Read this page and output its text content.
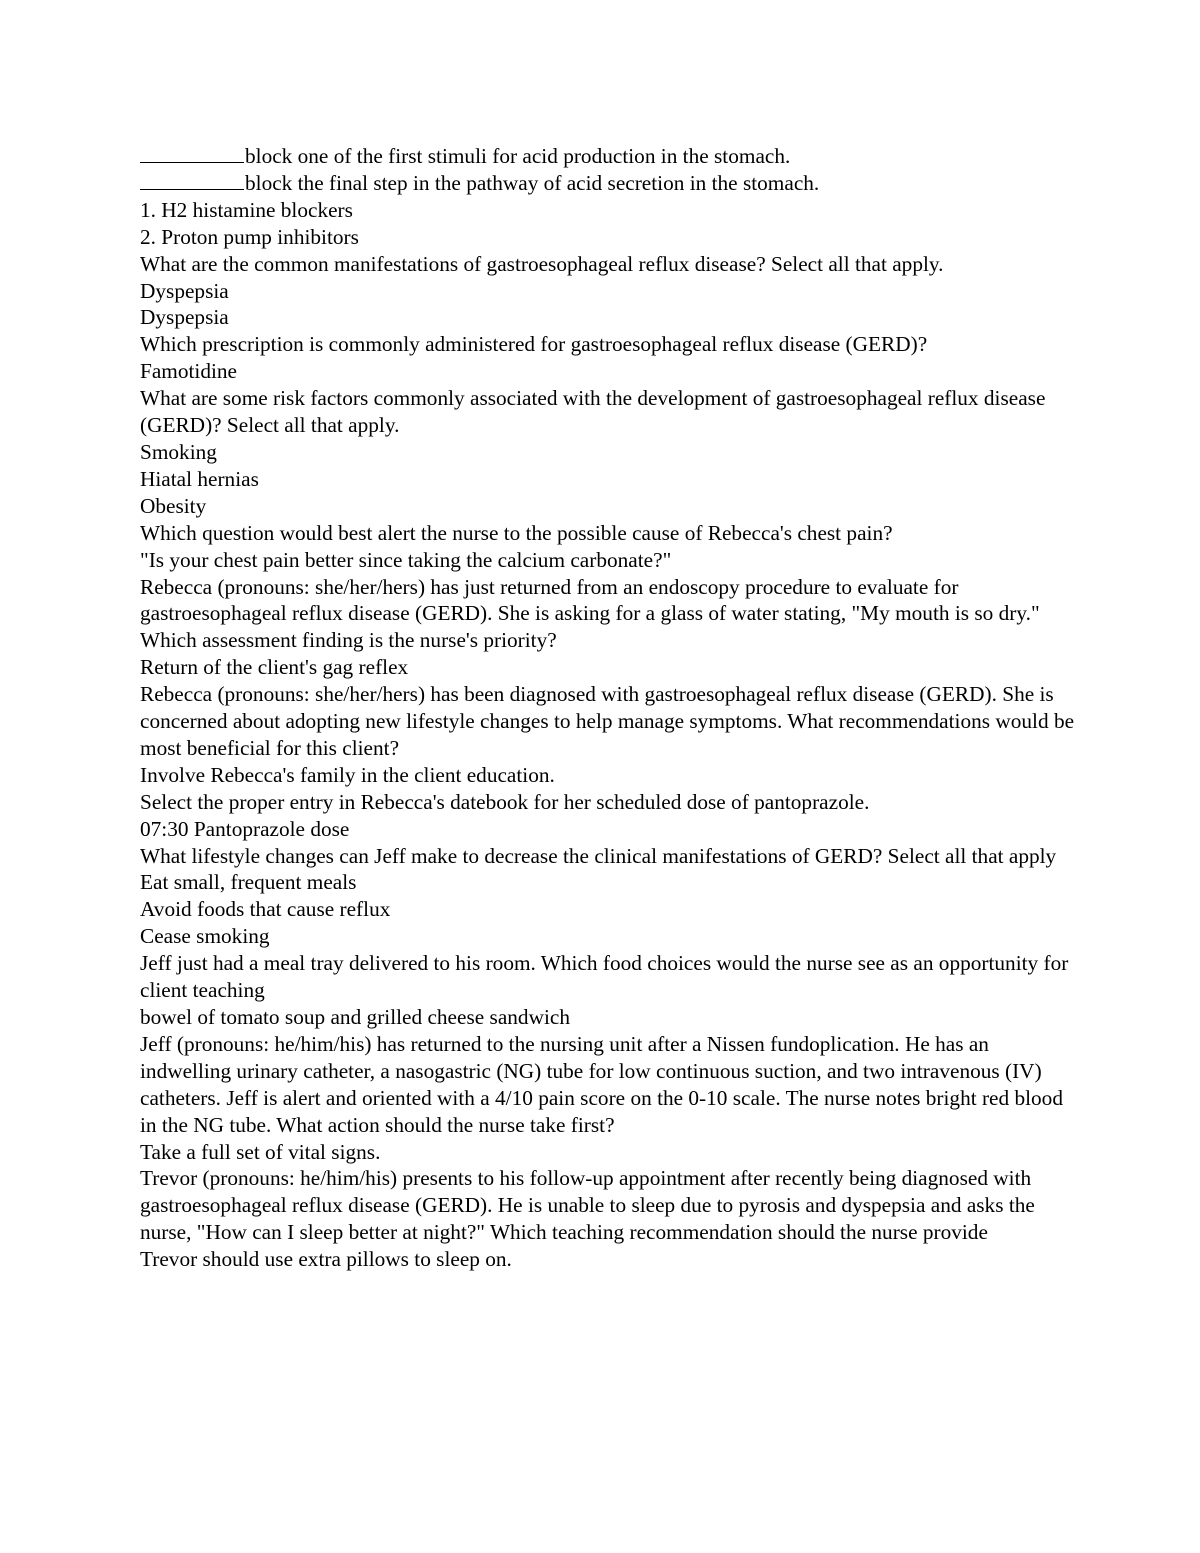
block one of the first stimuli for acid production in the stomach.

block the final step in the pathway of acid secretion in the stomach.

1. H2 histamine blockers

2. Proton pump inhibitors

What are the common manifestations of gastroesophageal reflux disease? Select all that apply.

Dyspepsia

Dyspepsia

Which prescription is commonly administered for gastroesophageal reflux disease (GERD)?

Famotidine

What are some risk factors commonly associated with the development of gastroesophageal reflux disease (GERD)? Select all that apply.

Smoking

Hiatal hernias

Obesity

Which question would best alert the nurse to the possible cause of Rebecca's chest pain?

"Is your chest pain better since taking the calcium carbonate?"

Rebecca (pronouns: she/her/hers) has just returned from an endoscopy procedure to evaluate for gastroesophageal reflux disease (GERD). She is asking for a glass of water stating, "My mouth is so dry." Which assessment finding is the nurse's priority?

Return of the client's gag reflex

Rebecca (pronouns: she/her/hers) has been diagnosed with gastroesophageal reflux disease (GERD). She is concerned about adopting new lifestyle changes to help manage symptoms. What recommendations would be most beneficial for this client?

Involve Rebecca's family in the client education.

Select the proper entry in Rebecca's datebook for her scheduled dose of pantoprazole.

07:30 Pantoprazole dose

What lifestyle changes can Jeff make to decrease the clinical manifestations of GERD? Select all that apply

Eat small, frequent meals

Avoid foods that cause reflux

Cease smoking

Jeff just had a meal tray delivered to his room. Which food choices would the nurse see as an opportunity for client teaching

bowel of tomato soup and grilled cheese sandwich

Jeff (pronouns: he/him/his) has returned to the nursing unit after a Nissen fundoplication. He has an indwelling urinary catheter, a nasogastric (NG) tube for low continuous suction, and two intravenous (IV) catheters. Jeff is alert and oriented with a 4/10 pain score on the 0-10 scale. The nurse notes bright red blood in the NG tube. What action should the nurse take first?

Take a full set of vital signs.

Trevor (pronouns: he/him/his) presents to his follow-up appointment after recently being diagnosed with gastroesophageal reflux disease (GERD). He is unable to sleep due to pyrosis and dyspepsia and asks the nurse, "How can I sleep better at night?" Which teaching recommendation should the nurse provide

Trevor should use extra pillows to sleep on.
